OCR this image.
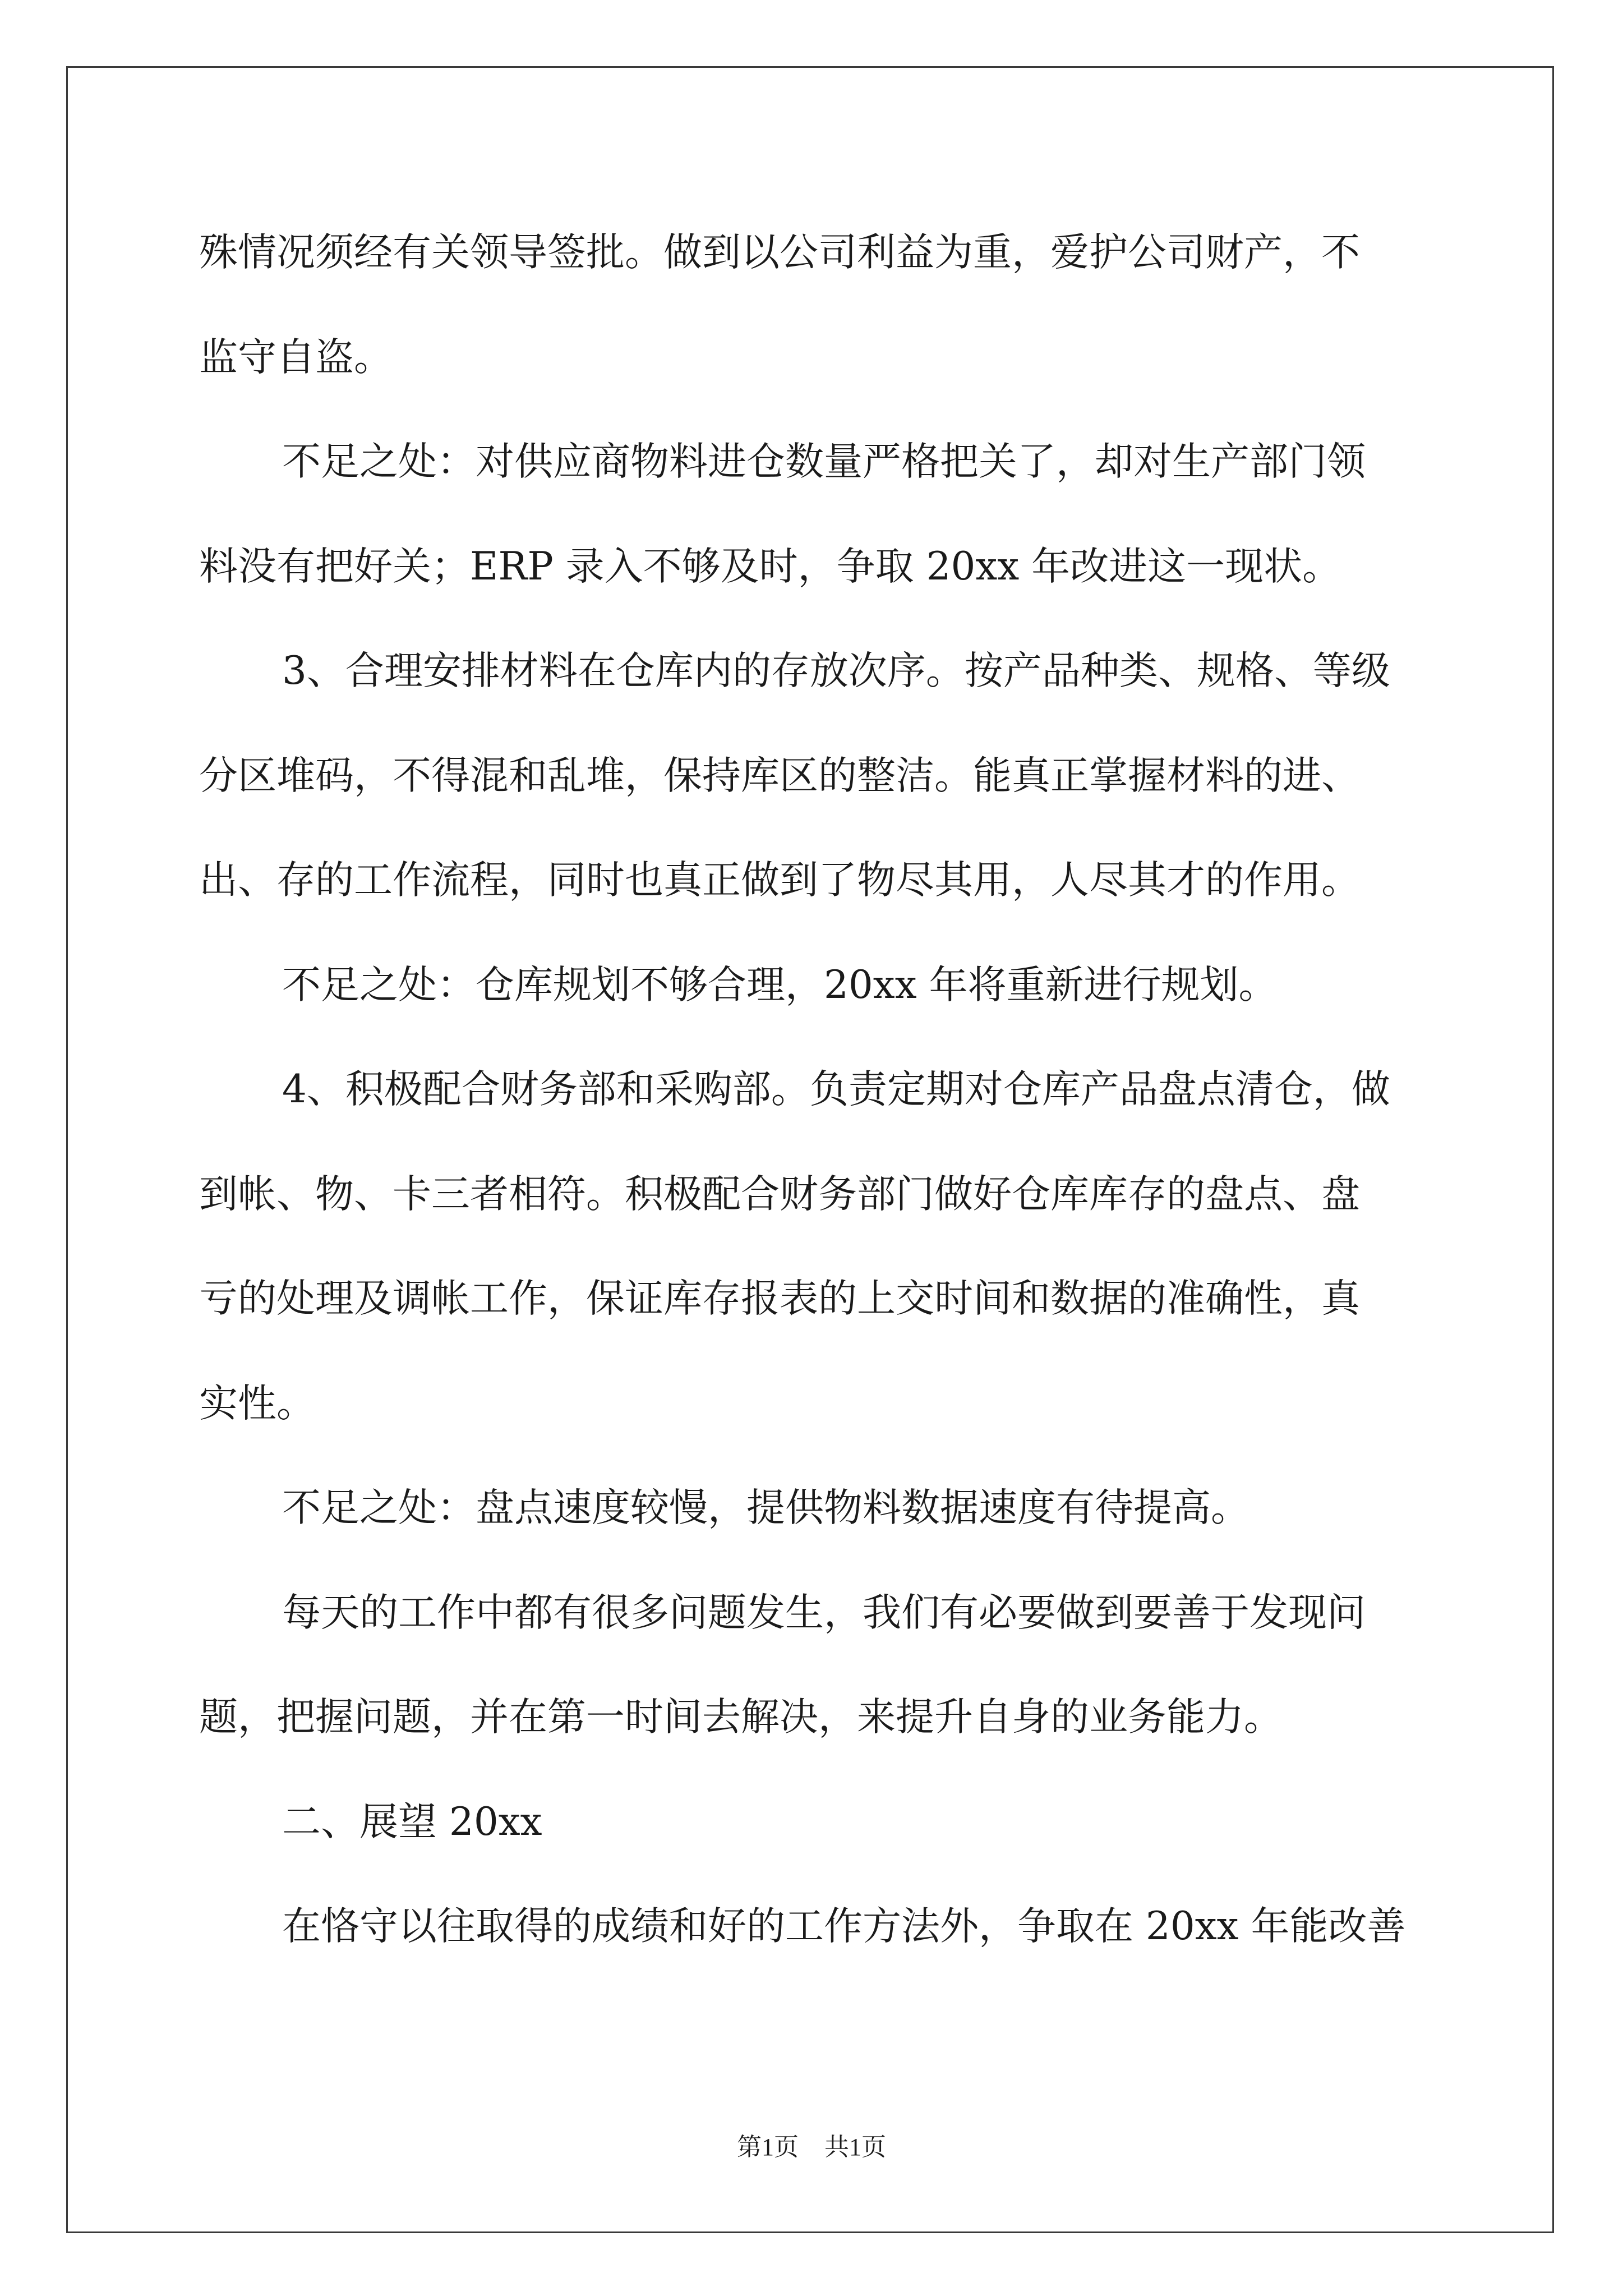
殊情况须经有关领导签批。做到以公司利益为重，爱护公司财产，不
监守自盗。
不足之处：对供应商物料进仓数量严格把关了，却对生产部门领
料没有把好关；ERP 录入不够及时，争取 20xx 年改进这一现状。
3、合理安排材料在仓库内的存放次序。按产品种类、规格、等级
分区堆码，不得混和乱堆，保持库区的整洁。能真正掌握材料的进、
出、存的工作流程，同时也真正做到了物尽其用，人尽其才的作用。
不足之处：仓库规划不够合理，20xx 年将重新进行规划。
4、积极配合财务部和采购部。负责定期对仓库产品盘点清仓，做
到帐、物、卡三者相符。积极配合财务部门做好仓库库存的盘点、盘
亏的处理及调帐工作，保证库存报表的上交时间和数据的准确性，真
实性。
不足之处：盘点速度较慢，提供物料数据速度有待提高。
每天的工作中都有很多问题发生，我们有必要做到要善于发现问
题，把握问题，并在第一时间去解决，来提升自身的业务能力。
二、展望 20xx
在恪守以往取得的成绩和好的工作方法外，争取在 20xx 年能改善
第1页 共1页
